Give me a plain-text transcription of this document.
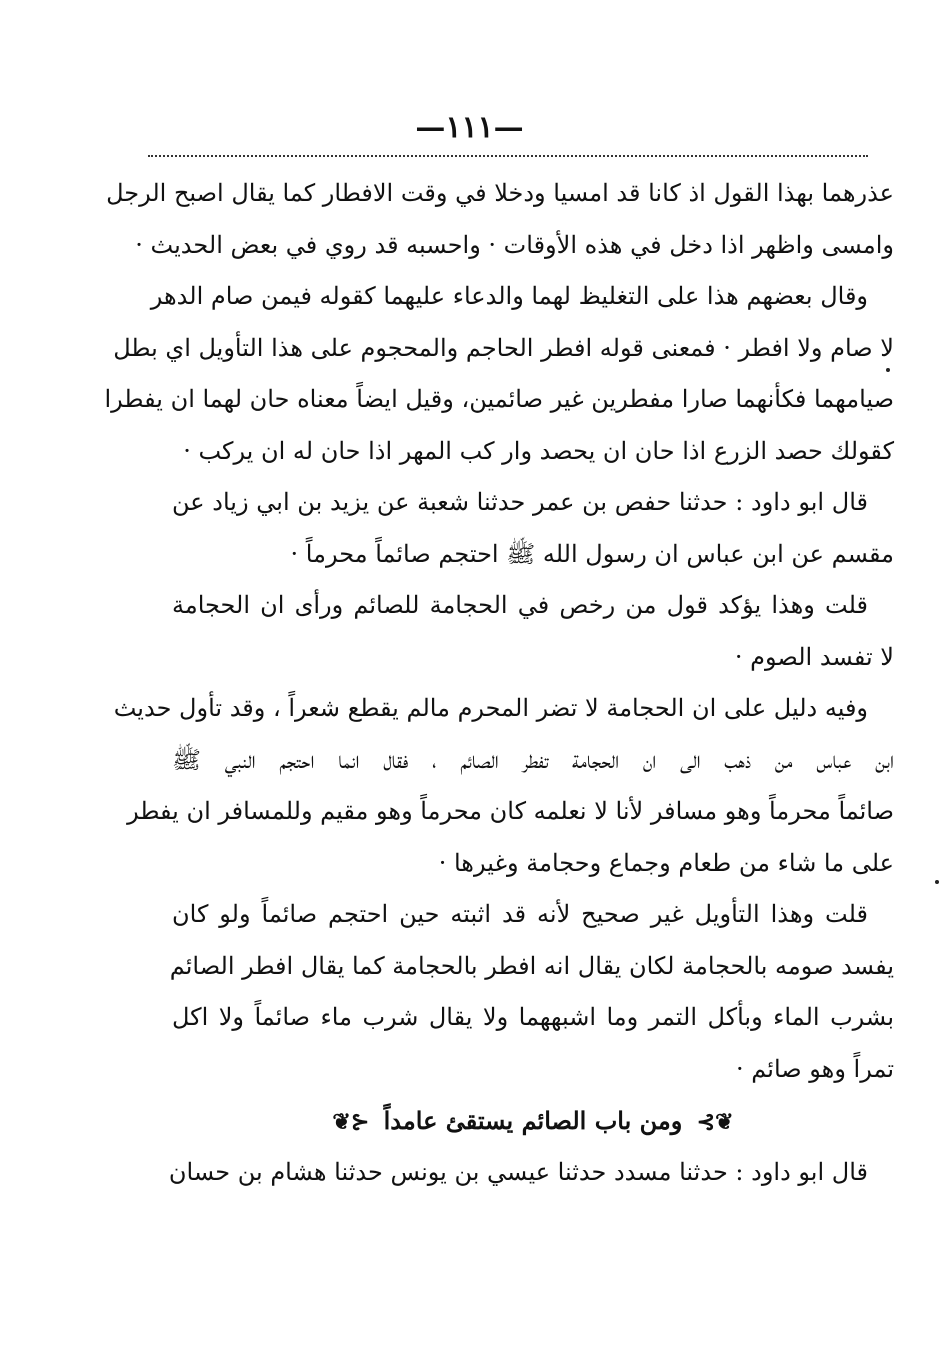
—١١١—
عذرهما بهذا القول اذ كانا قد امسيا ودخلا في وقت الافطار كما يقال اصبح الرجل
وامسى واظهر اذا دخل في هذه الأوقات · واحسبه قد روي في بعض الحديث ·
وقال بعضهم هذا على التغليظ لهما والدعاء عليهما كقوله فيمن صام الدهر
لا صام ولا افطر · فمعنى قوله افطر الحاجم والمحجوم على هذا التأويل اي بطل
صيامهما فكأنهما صارا مفطرين غير صائمين، وقيل ايضاً معناه حان لهما ان يفطرا
كقولك حصد الزرع اذا حان ان يحصد وار كب المهر اذا حان له ان يركب ·
قال ابو داود : حدثنا حفص بن عمر حدثنا شعبة عن يزيد بن ابي زياد عن
مقسم عن ابن عباس ان رسول الله ﷺ احتجم صائماً محرماً ·
قلت وهذا يؤكد قول من رخص في الحجامة للصائم ورأى ان الحجامة
لا تفسد الصوم ·
وفيه دليل على ان الحجامة لا تضر المحرم مالم يقطع شعراً ، وقد تأول حديث
ابن عباس من ذهب الى ان الحجامة تفطر الصائم ، فقال انما احتجم النبي ﷺ
صائماً محرماً وهو مسافر لأنا لا نعلمه كان محرماً وهو مقيم وللمسافر ان يفطر
على ما شاء من طعام وجماع وحجامة وغيرها ·
قلت وهذا التأويل غير صحيح لأنه قد اثبته حين احتجم صائماً ولو كان
يفسد صومه بالحجامة لكان يقال انه افطر بالحجامة كما يقال افطر الصائم
بشرب الماء وبأكل التمر وما اشبههما ولا يقال شرب ماء صائماً ولا اكل
تمراً وهو صائم ·
❦⊱ ومن باب الصائم يستقئ عامداً ⊰❦
قال ابو داود : حدثنا مسدد حدثنا عيسي بن يونس حدثنا هشام بن حسان
